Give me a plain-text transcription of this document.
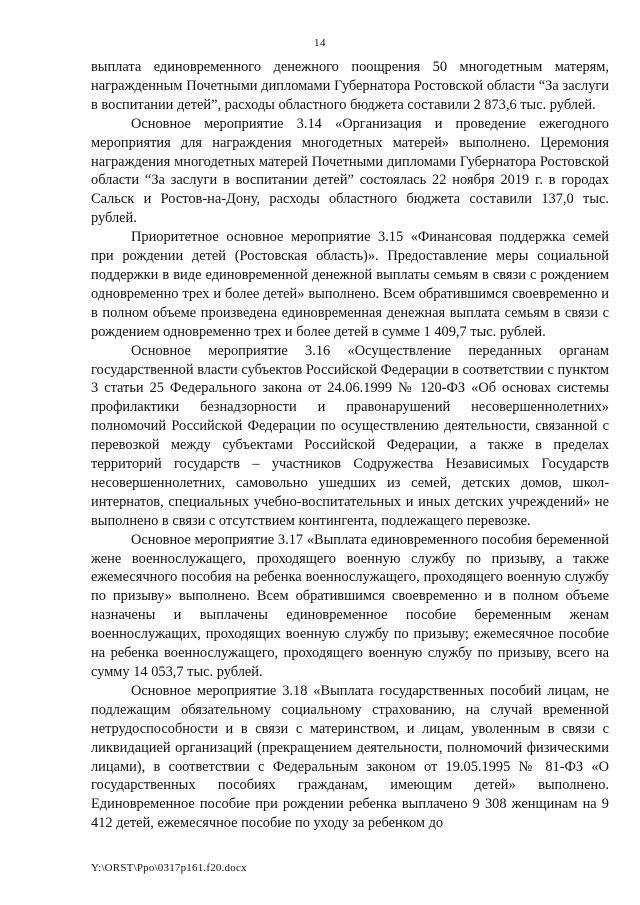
14

выплата единовременного денежного поощрения 50 многодетным матерям, награжденным Почетными дипломами Губернатора Ростовской области “За заслуги в воспитании детей”, расходы областного бюджета составили 2 873,6 тыс. рублей.

Основное мероприятие 3.14 «Организация и проведение ежегодного мероприятия для награждения многодетных матерей» выполнено. Церемония награждения многодетных матерей Почетными дипломами Губернатора Ростовской области “За заслуги в воспитании детей” состоялась 22 ноября 2019 г. в городах Сальск и Ростов-на-Дону, расходы областного бюджета составили 137,0 тыс. рублей.

Приоритетное основное мероприятие 3.15 «Финансовая поддержка семей при рождении детей (Ростовская область)». Предоставление меры социальной поддержки в виде единовременной денежной выплаты семьям в связи с рождением одновременно трех и более детей» выполнено. Всем обратившимся своевременно и в полном объеме произведена единовременная денежная выплата семьям в связи с рождением одновременно трех и более детей в сумме 1 409,7 тыс. рублей.

Основное мероприятие 3.16 «Осуществление переданных органам государственной власти субъектов Российской Федерации в соответствии с пунктом 3 статьи 25 Федерального закона от 24.06.1999 № 120-ФЗ «Об основах системы профилактики безнадзорности и правонарушений несовершеннолетних» полномочий Российской Федерации по осуществлению деятельности, связанной с перевозкой между субъектами Российской Федерации, а также в пределах территорий государств – участников Содружества Независимых Государств несовершеннолетних, самовольно ушедших из семей, детских домов, школ-интернатов, специальных учебно-воспитательных и иных детских учреждений» не выполнено в связи с отсутствием контингента, подлежащего перевозке.

Основное мероприятие 3.17 «Выплата единовременного пособия беременной жене военнослужащего, проходящего военную службу по призыву, а также ежемесячного пособия на ребенка военнослужащего, проходящего военную службу по призыву» выполнено. Всем обратившимся своевременно и в полном объеме назначены и выплачены единовременное пособие беременным женам военнослужащих, проходящих военную службу по призыву; ежемесячное пособие на ребенка военнослужащего, проходящего военную службу по призыву, всего на сумму 14 053,7 тыс. рублей.

Основное мероприятие 3.18 «Выплата государственных пособий лицам, не подлежащим обязательному социальному страхованию, на случай временной нетрудоспособности и в связи с материнством, и лицам, уволенным в связи с ликвидацией организаций (прекращением деятельности, полномочий физическими лицами), в соответствии с Федеральным законом от 19.05.1995 № 81-ФЗ «О государственных пособиях гражданам, имеющим детей» выполнено. Единовременное пособие при рождении ребенка выплачено 9 308 женщинам на 9 412 детей, ежемесячное пособие по уходу за ребенком до

Y:\ORST\Ppo\0317p161.f20.docx
